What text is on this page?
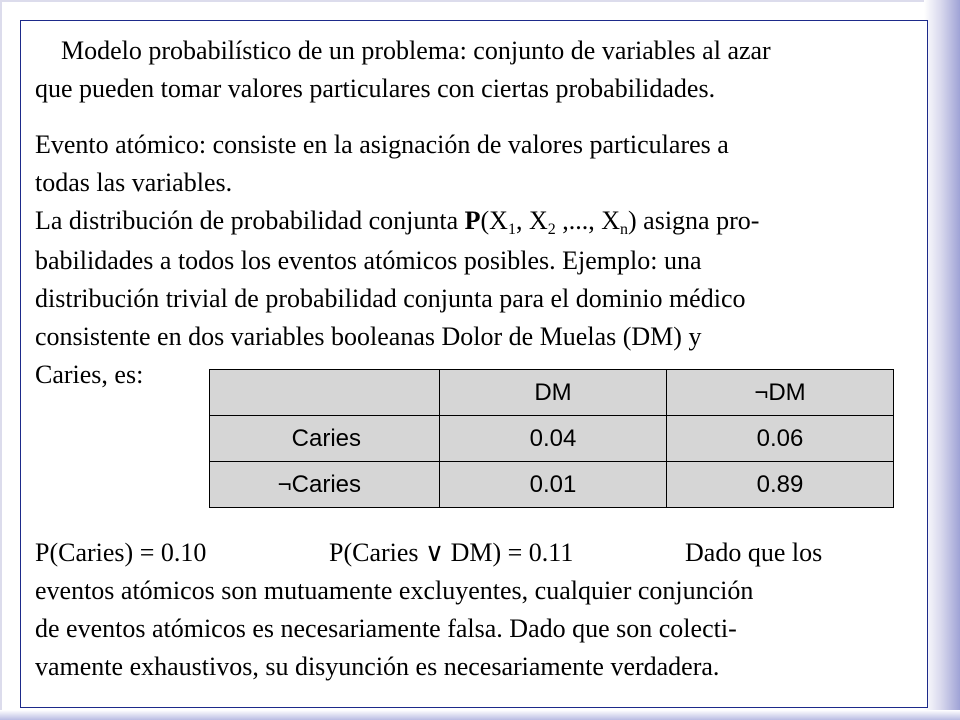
Modelo probabilístico de un problema: conjunto de variables al azar
que pueden tomar valores particulares con ciertas probabilidades.
Evento atómico: consiste en la asignación de valores particulares a
todas las variables.
La distribución de probabilidad conjunta $P(X_1$, $X_2$ ,..., $X_n$) asigna pro-
babilidades a todos los eventos atómicos posibles. Ejemplo: una
distribución trivial de probabilidad conjunta para el dominio médico
consistente en dos variables booleanas Dolor de Muelas (DM) y
Caries, es:
	DM	¬DM
Caries	0.04	0.06
¬Caries	0.01	0.89
P(Caries) = 0.10	P(Caries ∨ DM) = 0.11	Dado que los
eventos atómicos son mutuamente excluyentes, cualquier conjunción
de eventos atómicos es necesariamente falsa. Dado que son colecti-
vamente exhaustivos, su disyunción es necesariamente verdadera.
